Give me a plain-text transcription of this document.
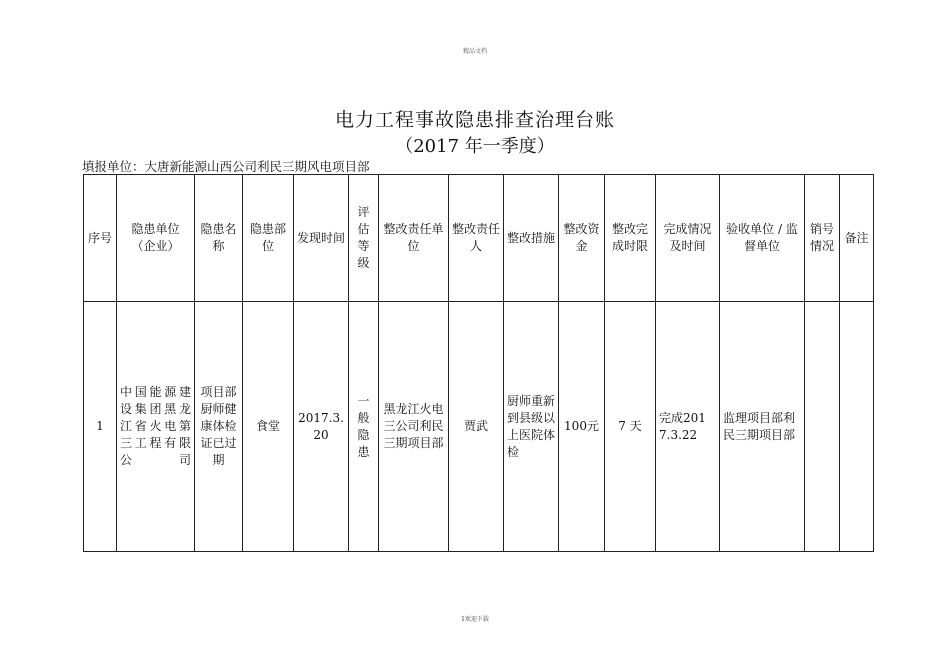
精品文档
电力工程事故隐患排查治理台账
（2017 年一季度）
填报单位：大唐新能源山西公司利民三期风电项目部
序号	隐患单位（企业）	隐患名称	隐患部位	发现时间	评估等级	整改责任单位	整改责任人	整改措施	整改资金	整改完成时限	完成情况及时间	验收单位 / 监督单位	销号情况	备注
1	中国能源建设集团黑龙江省火电第三工程有限公司	项目部厨师健康体检证已过期	食堂	2017.3.20	一般隐患	黑龙江火电三公司利民三期项目部	贾武	厨师重新到县级以上医院体检	100元	7 天	完成2017.3.22	监理项目部利民三期项目部		
1欢迎下载
